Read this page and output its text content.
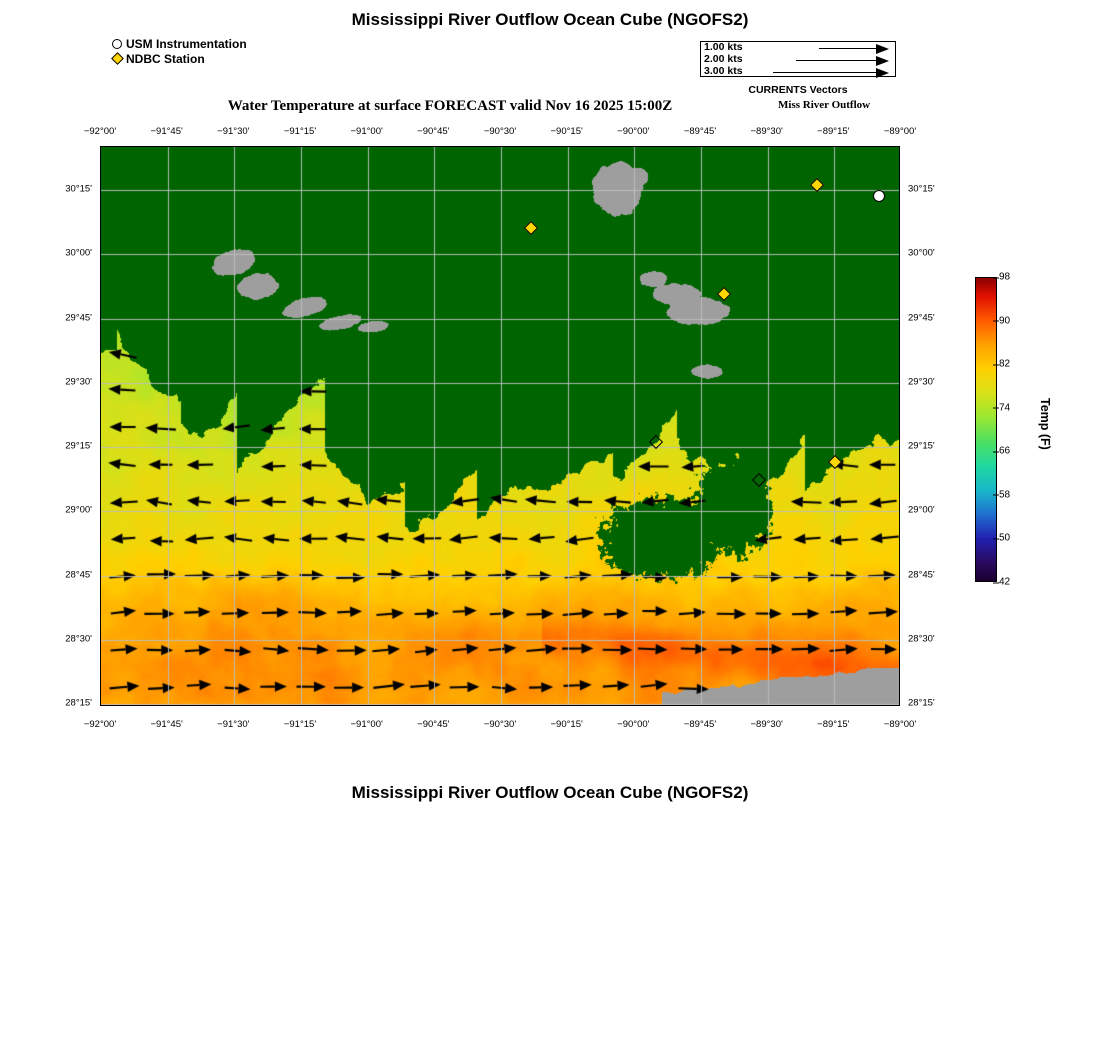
Mississippi River Outflow Ocean Cube (NGOFS2)
Water Temperature at surface FORECAST valid Nov 16 2025 15:00Z	Miss River Outflow
Mississippi River Outflow Ocean Cube (NGOFS2)
USM Instrumentation
NDBC Station
1.00 kts
2.00 kts
3.00 kts
CURRENTS Vectors
−92°00'
−92°00'
−91°45'
−91°45'
−91°30'
−91°30'
−91°15'
−91°15'
−91°00'
−91°00'
−90°45'
−90°45'
−90°30'
−90°30'
−90°15'
−90°15'
−90°00'
−90°00'
−89°45'
−89°45'
−89°30'
−89°30'
−89°15'
−89°15'
−89°00'
−89°00'
30°15'	30°15'
30°00'	30°00'
29°45'	29°45'
29°30'	29°30'
29°15'	29°15'
29°00'	29°00'
28°45'	28°45'
28°30'	28°30'
28°15'	28°15'
98
90
82
74
66
58
50
42
Temp (F)
